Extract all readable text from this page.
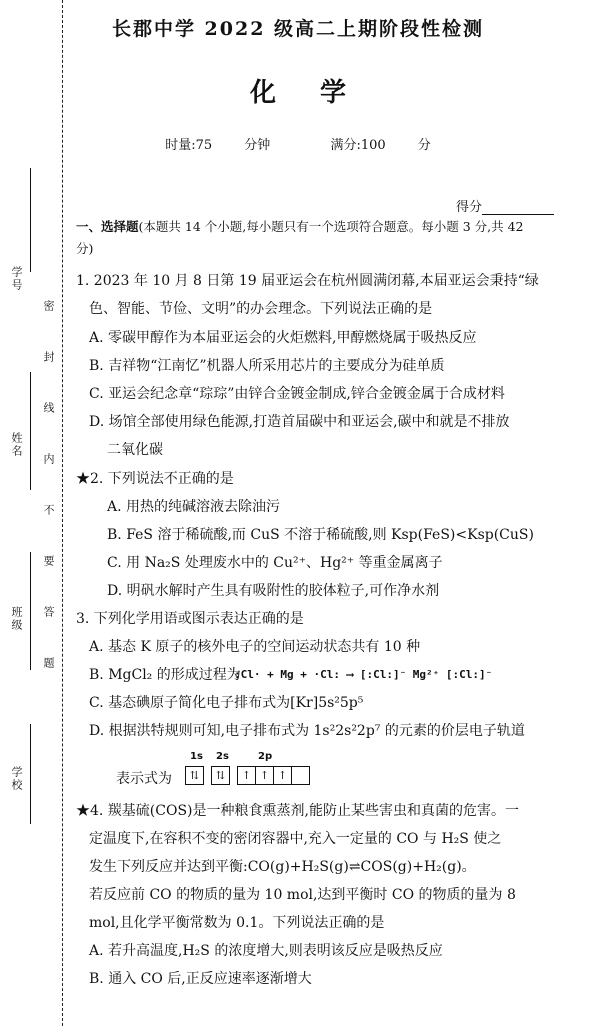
长郡中学 2022 级高二上期阶段性检测
化学
时量:75 分钟	满分:100 分
得分
学校
班级
姓名
学号
密封线内不要答题
一、选择题(本题共 14 个小题,每小题只有一个选项符合题意。每小题 3 分,共 42
分)
1. 2023 年 10 月 8 日第 19 届亚运会在杭州圆满闭幕,本届亚运会秉持“绿
色、智能、节俭、文明”的办会理念。下列说法正确的是
A. 零碳甲醇作为本届亚运会的火炬燃料,甲醇燃烧属于吸热反应
B. 吉祥物“江南忆”机器人所采用芯片的主要成分为硅单质
C. 亚运会纪念章“琮琮”由锌合金镀金制成,锌合金镀金属于合成材料
D. 场馆全部使用绿色能源,打造首届碳中和亚运会,碳中和就是不排放
二氧化碳
★2. 下列说法不正确的是
A. 用热的纯碱溶液去除油污
B. FeS 溶于稀硫酸,而 CuS 不溶于稀硫酸,则 Ksp(FeS)<Ksp(CuS)
C. 用 Na₂S 处理废水中的 Cu²⁺、Hg²⁺ 等重金属离子
D. 明矾水解时产生具有吸附性的胶体粒子,可作净水剂
3. 下列化学用语或图示表达正确的是
A. 基态 K 原子的核外电子的空间运动状态共有 10 种
B. MgCl₂ 的形成过程为
:Cl· + Mg + ·Cl: ⟶ [:Cl:]⁻ Mg²⁺ [:Cl:]⁻
C. 基态碘原子简化电子排布式为[Kr]5s²5p⁵
D. 根据洪特规则可知,电子排布式为 1s²2s²2p⁷ 的元素的价层电子轨道
表示式为
1s 2s	2p
⇅ ⇅ ↑ ↑ ↑
★4. 羰基硫(COS)是一种粮食熏蒸剂,能防止某些害虫和真菌的危害。一
定温度下,在容积不变的密闭容器中,充入一定量的 CO 与 H₂S 使之
发生下列反应并达到平衡:CO(g)+H₂S(g)⇌COS(g)+H₂(g)。
若反应前 CO 的物质的量为 10 mol,达到平衡时 CO 的物质的量为 8
mol,且化学平衡常数为 0.1。下列说法正确的是
A. 若升高温度,H₂S 的浓度增大,则表明该反应是吸热反应
B. 通入 CO 后,正反应速率逐渐增大
